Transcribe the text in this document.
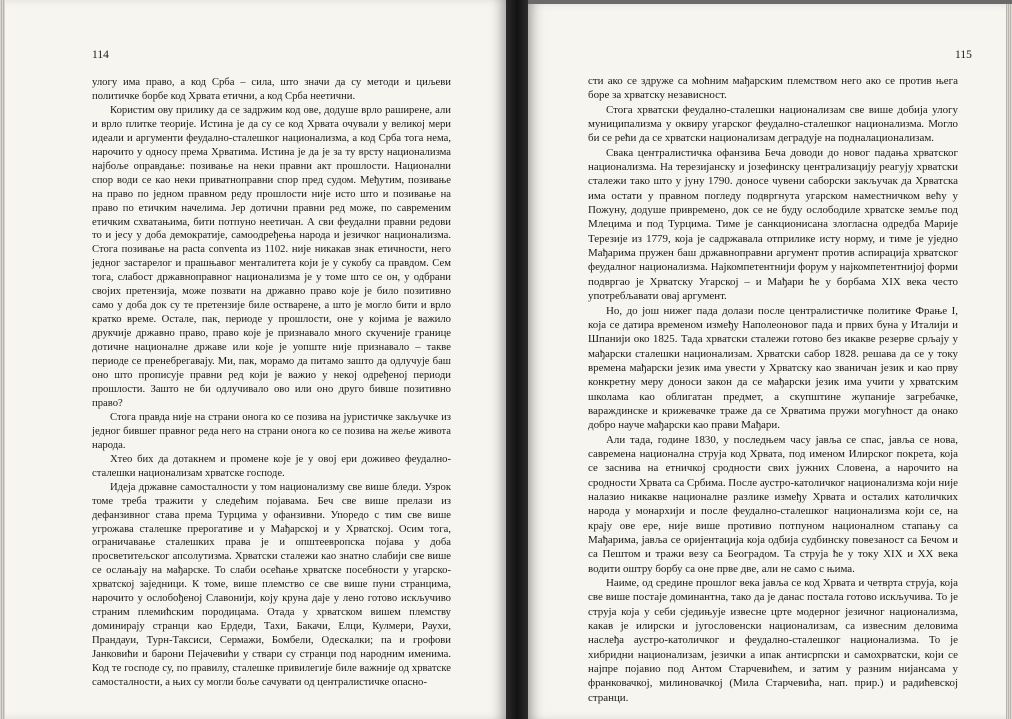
114

улогу има право, а код Срба – сила, што значи да су методи и циљеви политичке борбе код Хрвата етични, а код Срба неетични.

Користим ову прилику да се задржим код ове, додуше врло раширене, али и врло плитке теорије. Истина је да су се код Хрвата очували у великој мери идеали и аргументи феудално-сталешког национализма, а код Срба тога нема, нарочито у односу према Хрватима. Истина је да је за ту врсту национализма најбоље оправдање: позивање на неки правни акт прошлости. Национални спор води се као неки приватноправни спор пред судом. Међутим, позивање на право по једном правном реду прошлости није исто што и позивање на право по етичким начелима. Јер дотични правни ред може, по савременим етичким схватањима, бити потпуно неетичан. А сви феудални правни редови то и јесу у доба демократије, самоодређења народа и језичког национализма. Стога позивање на pacta conventa из 1102. није никакав знак етичности, него једног застарелог и прашњавог менталитета који је у сукобу са правдом. Сем тога, слабост државноправног национализма је у томе што се он, у одбрани својих претензија, може позвати на државно право које је било позитивно само у доба док су те претензије биле остварене, а што је могло бити и врло кратко време. Остале, пак, периоде у прошлости, оне у којима је важило друкчије државно право, право које је признавало много скученије границе дотичне националне државе или које је уопште није признавало – такве периоде се пренебрегавају. Ми, пак, морамо да питамо зашто да одлучује баш оно што прописује правни ред који је важио у некој одређеној периоди прошлости. Зашто не би одлучивало ово или оно друго бивше позитивно право?

Стога правда није на страни онога ко се позива на јуристичке закључке из једног бившег правног реда него на страни онога ко се позива на жеље живота народа.

Хтео бих да дотакнем и промене које је у овој ери доживео феудално-сталешки национализам хрватске господе.

Идеја државне самосталности у том национализму све више бледи. Узрок томе треба тражити у следећим појавама. Беч све више прелази из дефанзивног става према Турцима у офанзивни. Упоредо с тим све више угрожава сталешке прерогативе и у Мађарској и у Хрватској. Осим тога, ограничавање сталешких права је и општеевропска појава у доба просветитељског апсолутизма. Хрватски сталежи као знатно слабији све више се ослањају на мађарске. То слаби осећање хрватске посебности у угарско-хрватској заједници. К томе, више племство се све више пуни странцима, нарочито у ослобођеној Славонији, коју круна даје у лено готово искључиво страним племићским породицама. Отада у хрватском вишем племству доминирају странци као Ердеди, Тахи, Бакачи, Елци, Кулмери, Раухи, Прандауи, Турн-Таксиси, Сермажи, Бомбели, Одескалки; па и грофови Јанковићи и барони Пејачевићи у ствари су странци под народним именима. Код те господе су, по правилу, сталешке привилегије биле важније од хрватске самосталности, а њих су могли боље сачувати од централистичке опасно-

115

сти ако се здруже са моћним мађарским племством него ако се против њега боре за хрватску независност.

Стога хрватски феудално-сталешки национализам све више добија улогу муниципализма у оквиру угарског феудално-сталешког национализма. Могло би се рећи да се хрватски национализам деградује на подналационализам.

Свака централистичка офанзива Беча доводи до новог падања хрватског национализма. На терезијанску и јозефинску централизацију реагују хрватски сталежи тако што у јуну 1790. доносе чувени саборски закључак да Хрватска има остати у правном погледу подвргнута угарском наместничком већу у Пожуну, додуше привремено, док се не буду ослободиле хрватске земље под Млецима и под Турцима. Тиме је санкционисана злогласна одредба Марије Терезије из 1779, која је садржавала отприлике исту норму, и тиме је уједно Мађарима пружен баш државноправни аргумент против аспирација хрватског феудалног национализма. Најкомпетентнији форум у најкомпетентнијој форми подвргао је Хрватску Угарској – и Мађари ће у борбама XIX века често употребљавати овај аргумент.

Но, до још нижег пада долази после централистичке политике Фрање I, која се датира временом између Наполеоновог пада и првих буна у Италији и Шпанији око 1825. Тада хрватски сталежи готово без икакве резерве срљају у мађарски сталешки национализам. Хрватски сабор 1828. решава да се у току времена мађарски језик има увести у Хрватску као званичан језик и као прву конкретну меру доноси закон да се мађарски језик има учити у хрватским школама као облигатан предмет, а скупштине жупаније загребачке, вараждинске и крижевачке траже да се Хрватима пружи могућност да онако добро науче мађарски као прави Мађари.

Али тада, године 1830, у последњем часу јавља се спас, јавља се нова, савремена национална струја код Хрвата, под именом Илирског покрета, која се заснива на етничкој сродности свих јужних Словена, а нарочито на сродности Хрвата са Србима. После аустро-католичког национализма који није налазио никакве националне разлике између Хрвата и осталих католичких народа у монархији и после феудално-сталешког национализма који се, на крају ове ере, није више противио потпуном националном стапању са Мађарима, јавља се оријентација која одбија судбинску повезаност са Бечом и са Пештом и тражи везу са Београдом. Та струја ће у току XIX и XX века водити оштру борбу са оне прве две, али не само с њима.

Наиме, од средине прошлог века јавља се код Хрвата и четврта струја, која све више постаје доминантна, тако да је данас постала готово искључива. То је струја која у себи сједињује извесне црте модерног језичног национализма, какав је илирски и југословенски национализам, са извесним деловима наслеђа аустро-католичког и феудално-сталешког национализма. То је хибридни национализам, језички а ипак антисрпски и самохрватски, који се најпре појавио под Антом Старчевићем, и затим у разним нијансама у франковачкој, милиновачкој (Мила Старчевића, нап. прир.) и радићевској странци.
